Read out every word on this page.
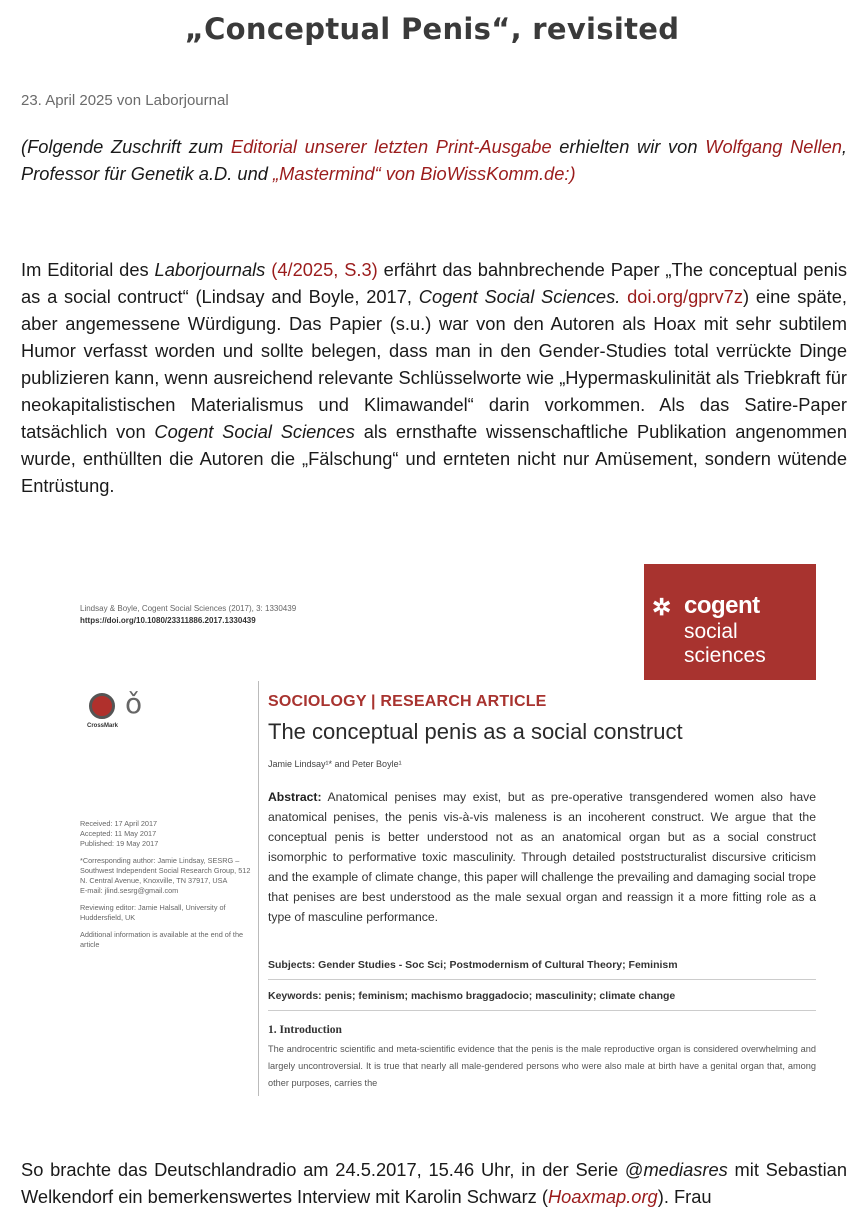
„Conceptual Penis“, revisited
23. April 2025 von Laborjournal

(Folgende Zuschrift zum Editorial unserer letzten Print-Ausgabe erhielten wir von Wolfgang Nellen, Professor für Genetik a.D. und „Mastermind“ von BioWissKomm.de:)

Im Editorial des Laborjournals (4/2025, S.3) erfährt das bahnbrechende Paper „The conceptual penis as a social contruct“ (Lindsay and Boyle, 2017, Cogent Social Sciences. doi.org/gprv7z) eine späte, aber angemessene Würdigung. Das Papier (s.u.) war von den Autoren als Hoax mit sehr subtilem Humor verfasst worden und sollte belegen, dass man in den Gender-Studies total verrückte Dinge publizieren kann, wenn ausreichend relevante Schlüsselworte wie „Hypermaskulinität als Triebkraft für neokapitalistischen Materialismus und Klimawandel“ darin vorkommen. Als das Satire-Paper tatsächlich von Cogent Social Sciences als ernsthafte wissenschaftliche Publikation angenommen wurde, enthüllten die Autoren die „Fälschung“ und ernteten nicht nur Amüsement, sondern wütende Entrüstung.

Lindsay & Boyle, Cogent Social Sciences (2017), 3: 1330439
https://doi.org/10.1080/23311886.2017.1330439
✲ cogent
social
sciences
CrossMark
ǒ	SOCIOLOGY | RESEARCH ARTICLE
The conceptual penis as a social construct
Jamie Lindsay¹* and Peter Boyle¹
Abstract: Anatomical penises may exist, but as pre-operative transgendered women also have anatomical penises, the penis vis-à-vis maleness is an incoherent construct. We argue that the conceptual penis is better understood not as an anatomical organ but as a social construct isomorphic to performative toxic masculinity. Through detailed poststructuralist discursive criticism and the example of climate change, this paper will challenge the prevailing and damaging social trope that penises are best understood as the male sexual organ and reassign it a more fitting role as a type of masculine performance.
Received: 17 April 2017
Accepted: 11 May 2017
Published: 19 May 2017
*Corresponding author: Jamie Lindsay, SESRG – Southwest Independent Social Research Group, 512 N. Central Avenue, Knoxville, TN 37917, USA
E-mail: jlind.sesrg@gmail.com
Reviewing editor: Jamie Halsall, University of Huddersfield, UK
Additional information is available at the end of the article
Subjects: Gender Studies - Soc Sci; Postmodernism of Cultural Theory; Feminism
Keywords: penis; feminism; machismo braggadocio; masculinity; climate change
1. Introduction
The androcentric scientific and meta-scientific evidence that the penis is the male reproductive organ is considered overwhelming and largely uncontroversial. It is true that nearly all male-gendered persons who were also male at birth have a genital organ that, among other purposes, carries the

So brachte das Deutschlandradio am 24.5.2017, 15.46 Uhr, in der Serie @mediasres mit Sebastian Welkendorf ein bemerkenswertes Interview mit Karolin Schwarz (Hoaxmap.org). Frau
